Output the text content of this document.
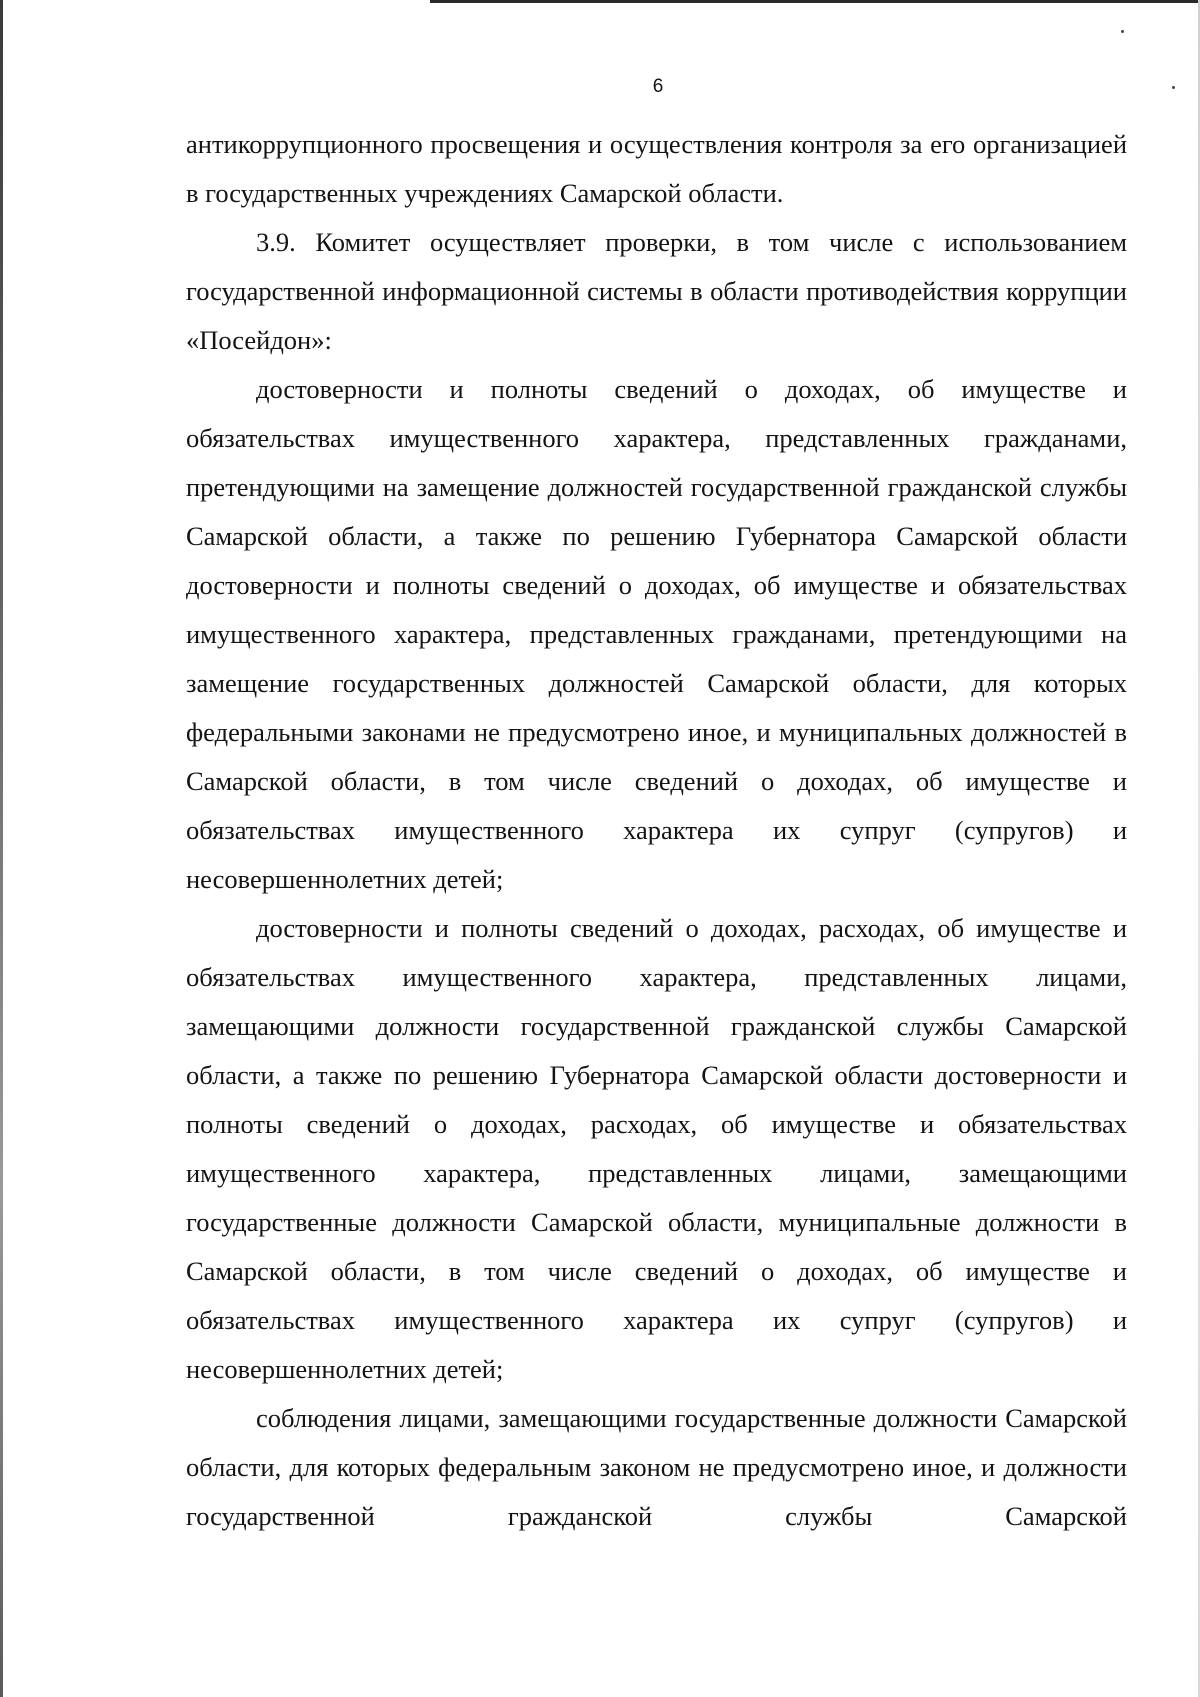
6

антикоррупционного просвещения и осуществления контроля за его организацией в государственных учреждениях Самарской области.

3.9. Комитет осуществляет проверки, в том числе с использованием государственной информационной системы в области противодействия коррупции «Посейдон»:

достоверности и полноты сведений о доходах, об имуществе и обязательствах имущественного характера, представленных гражданами, претендующими на замещение должностей государственной гражданской службы Самарской области, а также по решению Губернатора Самарской области достоверности и полноты сведений о доходах, об имуществе и обязательствах имущественного характера, представленных гражданами, претендующими на замещение государственных должностей Самарской области, для которых федеральными законами не предусмотрено иное, и муниципальных должностей в Самарской области, в том числе сведений о доходах, об имуществе и обязательствах имущественного характера их супруг (супругов) и несовершеннолетних детей;

достоверности и полноты сведений о доходах, расходах, об имуществе и обязательствах имущественного характера, представленных лицами, замещающими должности государственной гражданской службы Самарской области, а также по решению Губернатора Самарской области достоверности и полноты сведений о доходах, расходах, об имуществе и обязательствах имущественного характера, представленных лицами, замещающими государственные должности Самарской области, муниципальные должности в Самарской области, в том числе сведений о доходах, об имуществе и обязательствах имущественного характера их супруг (супругов) и несовершеннолетних детей;

соблюдения лицами, замещающими государственные должности Самарской области, для которых федеральным законом не предусмотрено иное, и должности государственной гражданской службы Самарской
